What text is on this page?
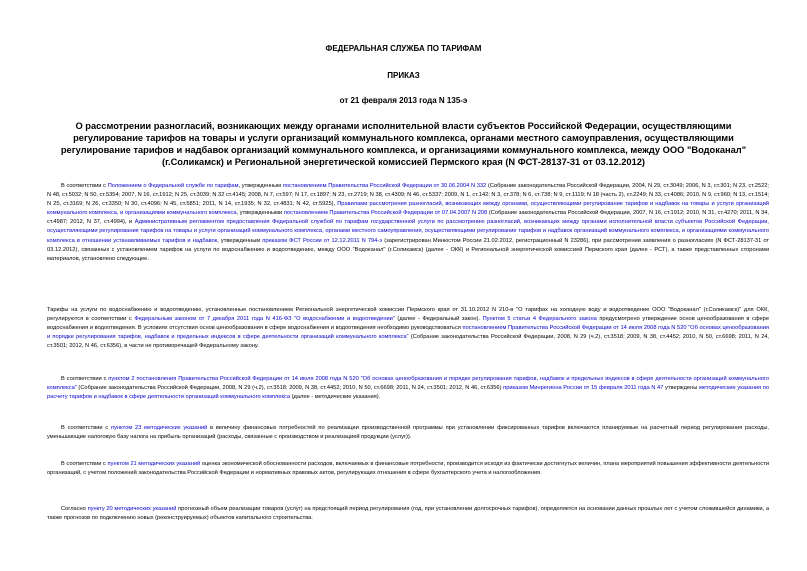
ФЕДЕРАЛЬНАЯ СЛУЖБА ПО ТАРИФАМ
ПРИКАЗ
от 21 февраля 2013 года N 135-э
О рассмотрении разногласий, возникающих между органами исполнительной власти субъектов Российской Федерации, осуществляющими регулирование тарифов на товары и услуги организаций коммунального комплекса, органами местного самоуправления, осуществляющими регулирование тарифов и надбавок организаций коммунального комплекса, и организациями коммунального комплекса, между ООО "Водоканал" (г.Соликамск) и Региональной энергетической комиссией Пермского края (N ФСТ-28137-31 от 03.12.2012)
В соответствии с Положением о Федеральной службе по тарифам, утвержденным постановлением Правительства Российской Федерации от 30.06.2004 N 332 (Собрание законодательства Российской Федерации, 2004, N 29, ст.3049; 2006, N 3, ст.301; N 23, ст.2522; N 48, ст.5032; N 50, ст.5354; 2007, N 16, ст.1912; N 25, ст.3039; N 32 ст.4145; 2008, N 7, ст.597; N 17, ст.1897; N 23, ст.2719; N 38, ст.4309; N 46, ст.5337; 2009, N 1, ст.142; N 3, ст.378; N 6, ст.738; N 9, ст.1119; N 18 (часть 2), ст.2249; N 33, ст.4086; 2010, N 9, ст.960; N 13, ст.1514; N 25, ст.3169; N 26, ст.3350; N 30, ст.4096; N 45, ст.5851; 2011, N 14, ст.1935; N 32, ст.4831; N 42, ст.5925), Правилами рассмотрения разногласий, возникающих между органами, осуществляющими регулирование тарифов и надбавок на товары и услуги организаций коммунального комплекса, и организациями коммунального комплекса, утвержденными постановлением Правительства Российской Федерации от 07.04.2007 N 208 (Собрание законодательства Российской Федерации, 2007, N 16, ст.1912; 2010, N 31, ст.4270; 2011, N 34, ст.4987; 2012, N 37, ст.4994), и Административным регламентом предоставления Федеральной службой по тарифам государственной услуги по рассмотрению разногласий, возникающих между органами исполнительной власти субъектов Российской Федерации, осуществляющими регулирование тарифов на товары и услуги организаций коммунального комплекса, органами местного самоуправления, осуществляющими регулирование тарифов и надбавок организаций коммунального комплекса, и организациями коммунального комплекса в отношении устанавливаемых тарифов и надбавок, утвержденным приказом ФСТ России от 12.12.2011 N 794-э (зарегистрирован Минюстом России 21.02.2012, регистрационный N 23286), при рассмотрении заявления о разногласиях (N ФСТ-28137-31 от 03.12.2012), связанных с установлением тарифов на услуги по водоснабжению и водоотведению, между ООО "Водоканал" (г.Соликамск) (далее - ОКК) и Региональной энергетической комиссией Пермского края (далее - РСТ), а также представленных сторонами материалов, установлено следующее.
Тарифы на услуги по водоснабжению и водоотведению, установленные постановлением Региональной энергетической комиссии Пермского края от 31.10.2012 N 210-в "О тарифах на холодную воду и водоотведение ООО "Водоканал" (г.Соликамск)" для ОКК, регулируются в соответствии с Федеральным законом от 7 декабря 2011 года N 416-ФЗ "О водоснабжении и водоотведении" (далее - Федеральный закон). Пунктом 5 статьи 4 Федерального закона предусмотрено утверждение основ ценообразования в сфере водоснабжения и водоотведения. В условиях отсутствия основ ценообразования в сфере водоснабжения и водоотведения необходимо руководствоваться постановлением Правительства Российской Федерации от 14 июля 2008 года N 520 "Об основах ценообразования и порядке регулирования тарифов, надбавок и предельных индексов в сфере деятельности организаций коммунального комплекса" (Собрание законодательства Российской Федерации, 2008, N 29 (ч.2), ст.3518; 2009, N 38, ст.4452; 2010, N 50, ст.6698; 2011, N 24, ст.3501; 2012, N 46, ст.6356), в части не противоречащей Федеральному закону.
В соответствии с пунктом 2 постановления Правительства Российской Федерации от 14 июля 2008 года N 520 "Об основах ценообразования и порядке регулирования тарифов, надбавок и предельных индексов в сфере деятельности организаций коммунального комплекса" (Собрание законодательства Российской Федерации, 2008, N 29 (ч.2), ст.3518; 2009, N 38, ст.4452; 2010, N 50, ст.6698; 2011, N 24, ст.3501; 2012, N 46, ст.6356) приказом Минрегиона России от 15 февраля 2011 года N 47 утверждены методические указания по расчету тарифов и надбавок в сфере деятельности организаций коммунального комплекса (далее - методические указания).
В соответствии с пунктом 23 методических указаний в величину финансовых потребностей по реализации производственной программы при установлении фиксированных тарифов включаются планируемые на расчетный период регулирования расходы, уменьшающие налоговую базу налога на прибыль организаций (расходы, связанные с производством и реализацией продукции (услуг)).
В соответствии с пунктом 21 методических указаний оценка экономической обоснованности расходов, включаемых в финансовые потребности, производится исходя из фактически достигнутых величин, плана мероприятий повышения эффективности деятельности организаций, с учетом положений законодательства Российской Федерации и нормативных правовых актов, регулирующих отношения в сфере бухгалтерского учета и налогообложения.
Согласно пункту 20 методических указаний прогнозный объем реализации товаров (услуг) на предстоящий период регулирования (год, при установлении долгосрочных тарифов), определяется на основании данных прошлых лет с учетом сложившейся динамики, а также прогнозов по подключению новых (реконструируемых) объектов капитального строительства.
